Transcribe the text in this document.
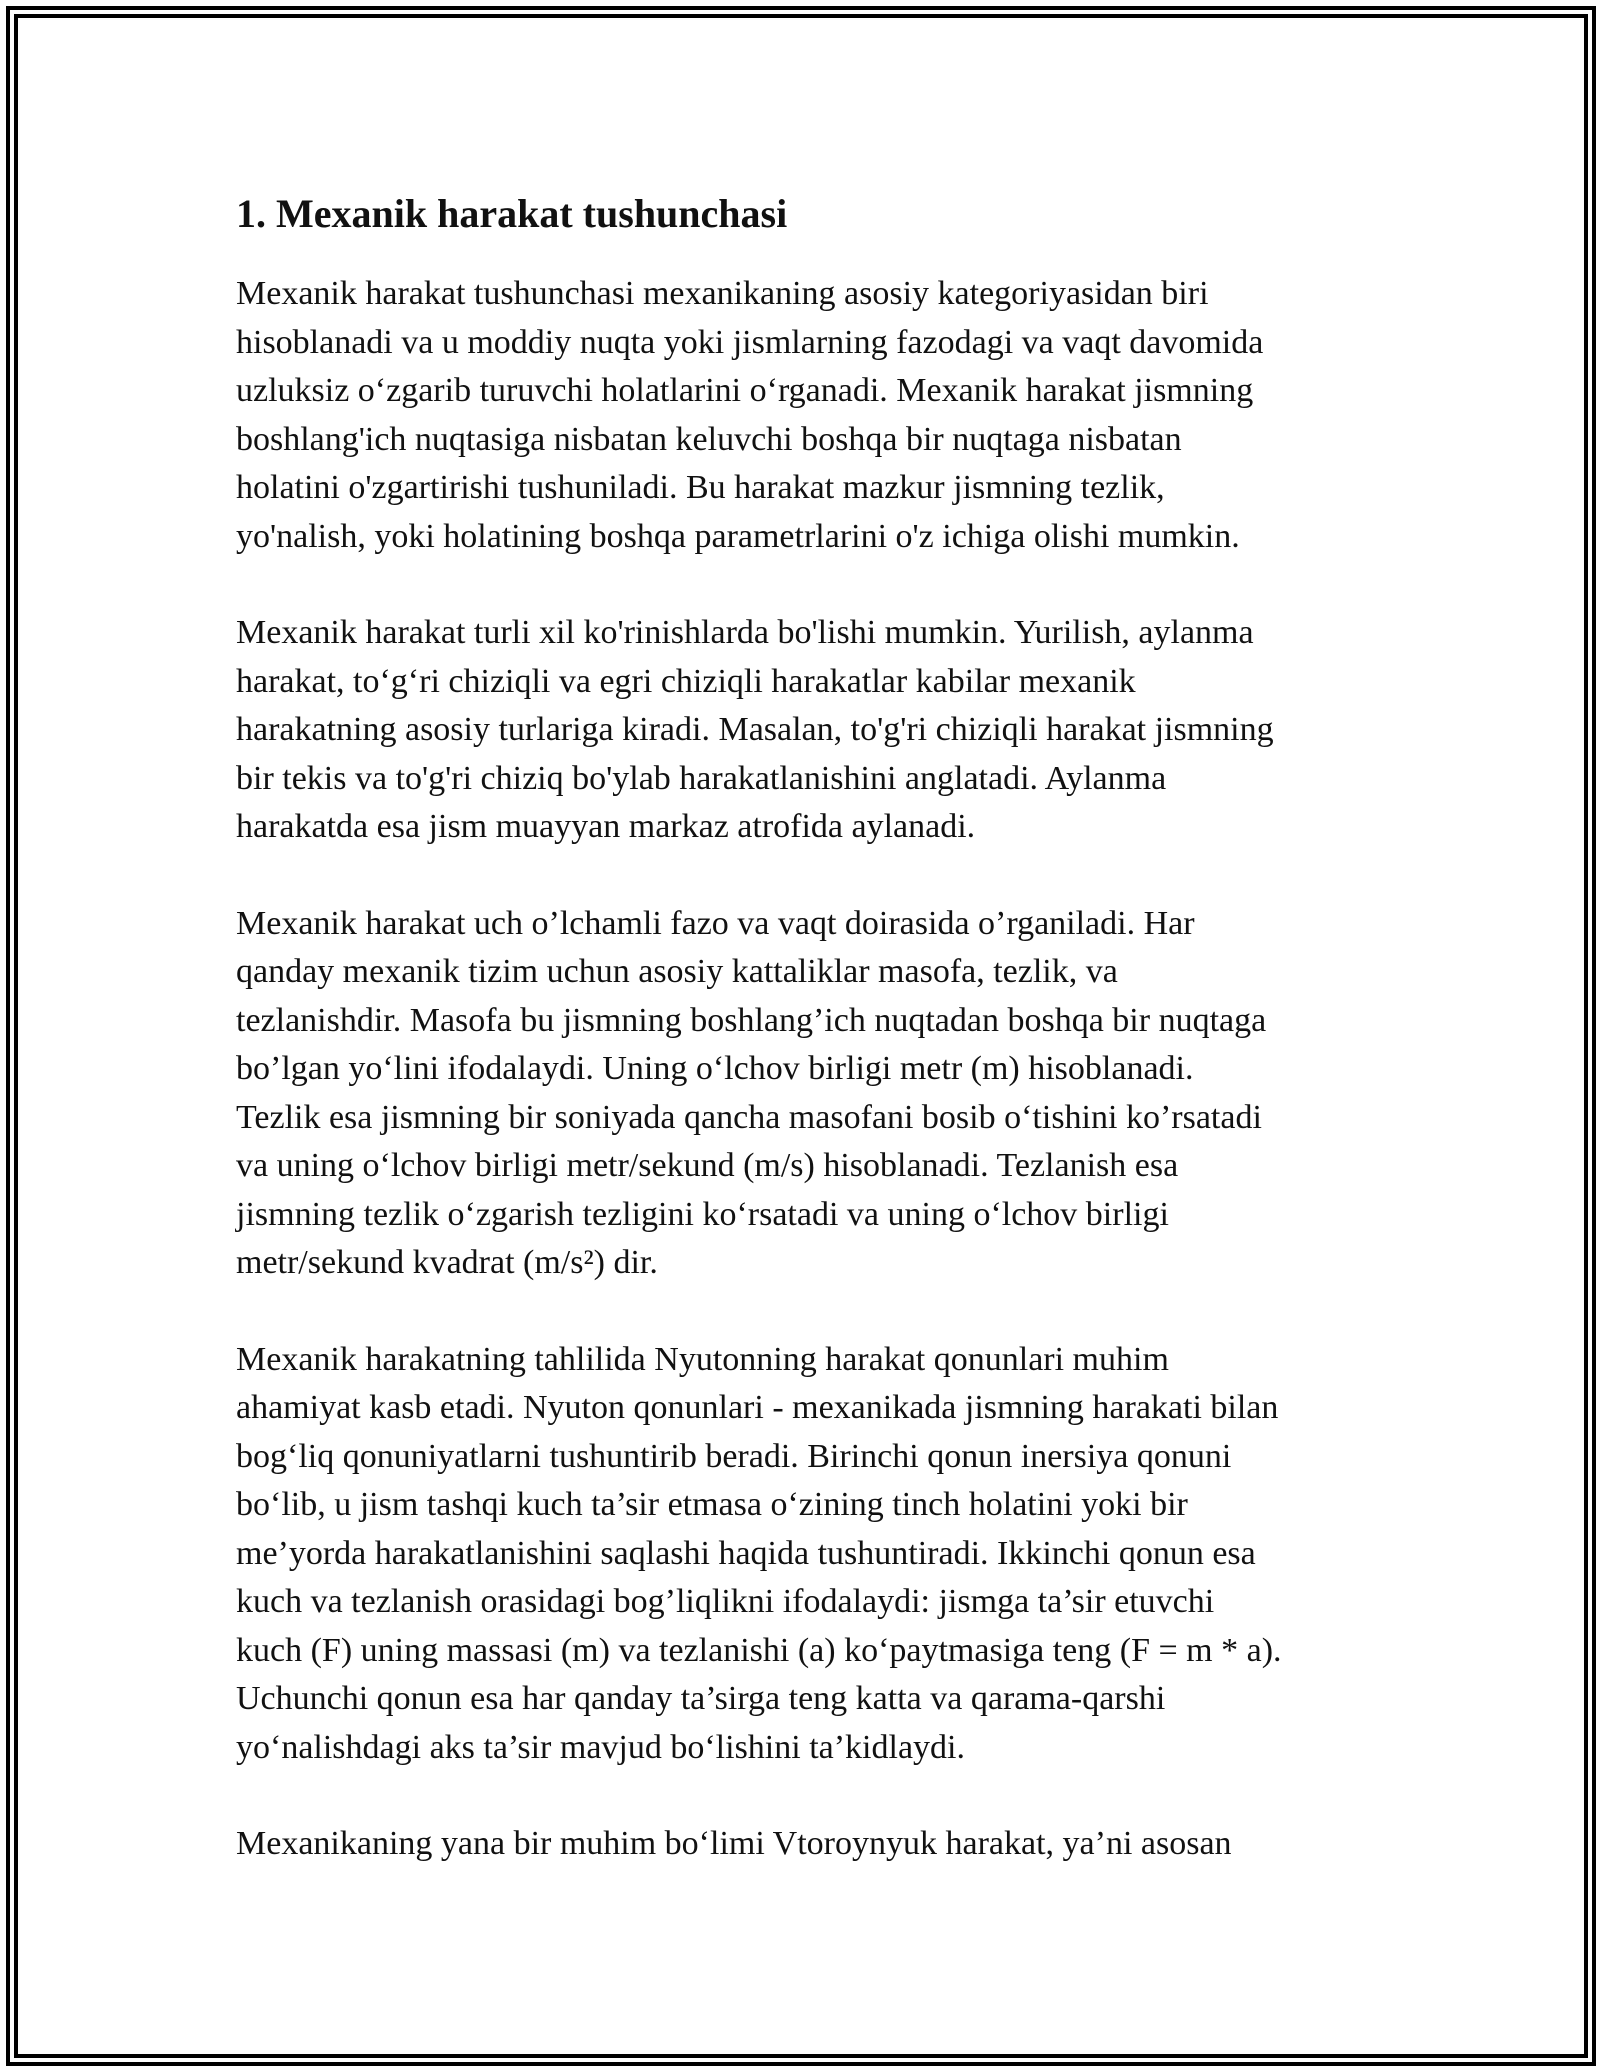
1. Mexanik harakat tushunchasi

Mexanik harakat tushunchasi mexanikaning asosiy kategoriyasidan biri
hisoblanadi va u moddiy nuqta yoki jismlarning fazodagi va vaqt davomida
uzluksiz o‘zgarib turuvchi holatlarini o‘rganadi. Mexanik harakat jismning
boshlang'ich nuqtasiga nisbatan keluvchi boshqa bir nuqtaga nisbatan
holatini o'zgartirishi tushuniladi. Bu harakat mazkur jismning tezlik,
yo'nalish, yoki holatining boshqa parametrlarini o'z ichiga olishi mumkin.

Mexanik harakat turli xil ko'rinishlarda bo'lishi mumkin. Yurilish, aylanma
harakat, to‘g‘ri chiziqli va egri chiziqli harakatlar kabilar mexanik
harakatning asosiy turlariga kiradi. Masalan, to'g'ri chiziqli harakat jismning
bir tekis va to'g'ri chiziq bo'ylab harakatlanishini anglatadi. Aylanma
harakatda esa jism muayyan markaz atrofida aylanadi.

Mexanik harakat uch o’lchamli fazo va vaqt doirasida o’rganiladi. Har
qanday mexanik tizim uchun asosiy kattaliklar masofa, tezlik, va
tezlanishdir. Masofa bu jismning boshlang’ich nuqtadan boshqa bir nuqtaga
bo’lgan yo‘lini ifodalaydi. Uning o‘lchov birligi metr (m) hisoblanadi.
Tezlik esa jismning bir soniyada qancha masofani bosib o‘tishini ko’rsatadi
va uning o‘lchov birligi metr/sekund (m/s) hisoblanadi. Tezlanish esa
jismning tezlik o‘zgarish tezligini ko‘rsatadi va uning o‘lchov birligi
metr/sekund kvadrat (m/s²) dir.

Mexanik harakatning tahlilida Nyutonning harakat qonunlari muhim
ahamiyat kasb etadi. Nyuton qonunlari - mexanikada jismning harakati bilan
bog‘liq qonuniyatlarni tushuntirib beradi. Birinchi qonun inersiya qonuni
bo‘lib, u jism tashqi kuch ta’sir etmasa o‘zining tinch holatini yoki bir
me’yorda harakatlanishini saqlashi haqida tushuntiradi. Ikkinchi qonun esa
kuch va tezlanish orasidagi bog’liqlikni ifodalaydi: jismga ta’sir etuvchi
kuch (F) uning massasi (m) va tezlanishi (a) ko‘paytmasiga teng (F = m * a).
Uchunchi qonun esa har qanday ta’sirga teng katta va qarama-qarshi
yo‘nalishdagi aks ta’sir mavjud bo‘lishini ta’kidlaydi.

Mexanikaning yana bir muhim bo‘limi Vtoroynyuk harakat, ya’ni asosan
